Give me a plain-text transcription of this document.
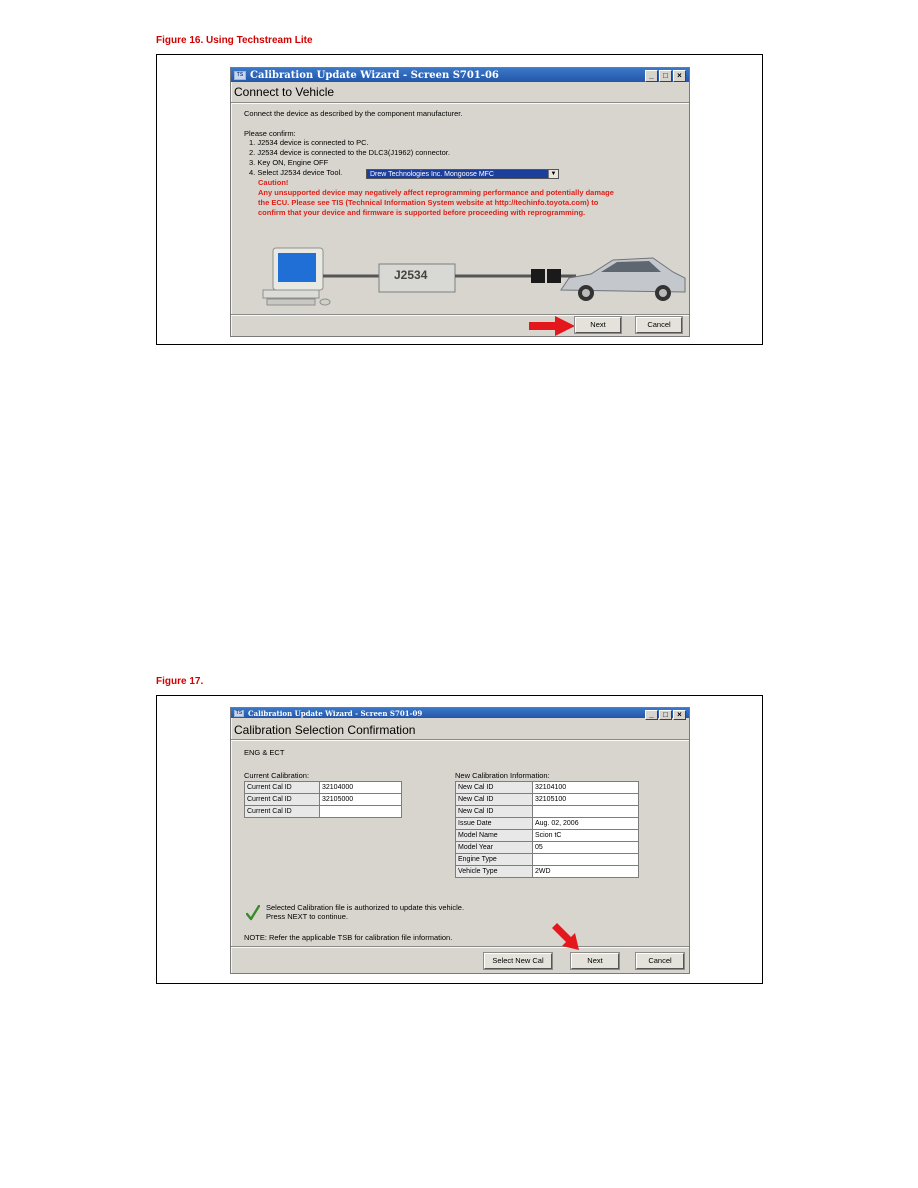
Figure 16. Using Techstream Lite

TS Calibration Update Wizard - Screen S701-06	_	□	×
Connect to Vehicle
Connect the device as described by the component manufacturer.
Please confirm:
1. J2534 device is connected to PC.
2. J2534 device is connected to the DLC3(J1962) connector.
3. Key ON, Engine OFF
4. Select J2534 device Tool.	Drew Technologies Inc. Mongoose MFC	▼
Caution!
Any unsupported device may negatively affect reprogramming performance and potentially damage
the ECU. Please see TIS (Technical Information System website at http://techinfo.toyota.com) to
confirm that your device and firmware is supported before proceeding with reprogramming.
J2534
Next	Cancel

Figure 17.

TS Calibration Update Wizard - Screen S701-09	_	□	×
Calibration Selection Confirmation
ENG & ECT
Current Calibration:
Current Cal ID	32104000
Current Cal ID	32105000
Current Cal ID	
New Calibration Information:
New Cal ID	32104100
New Cal ID	32105100
New Cal ID	
Issue Date	Aug. 02, 2006
Model Name	Scion tC
Model Year	05
Engine Type	
Vehicle Type	2WD
Selected Calibration file is authorized to update this vehicle.
Press NEXT to continue.
NOTE: Refer the applicable TSB for calibration file information.
Select New Cal	Next	Cancel
